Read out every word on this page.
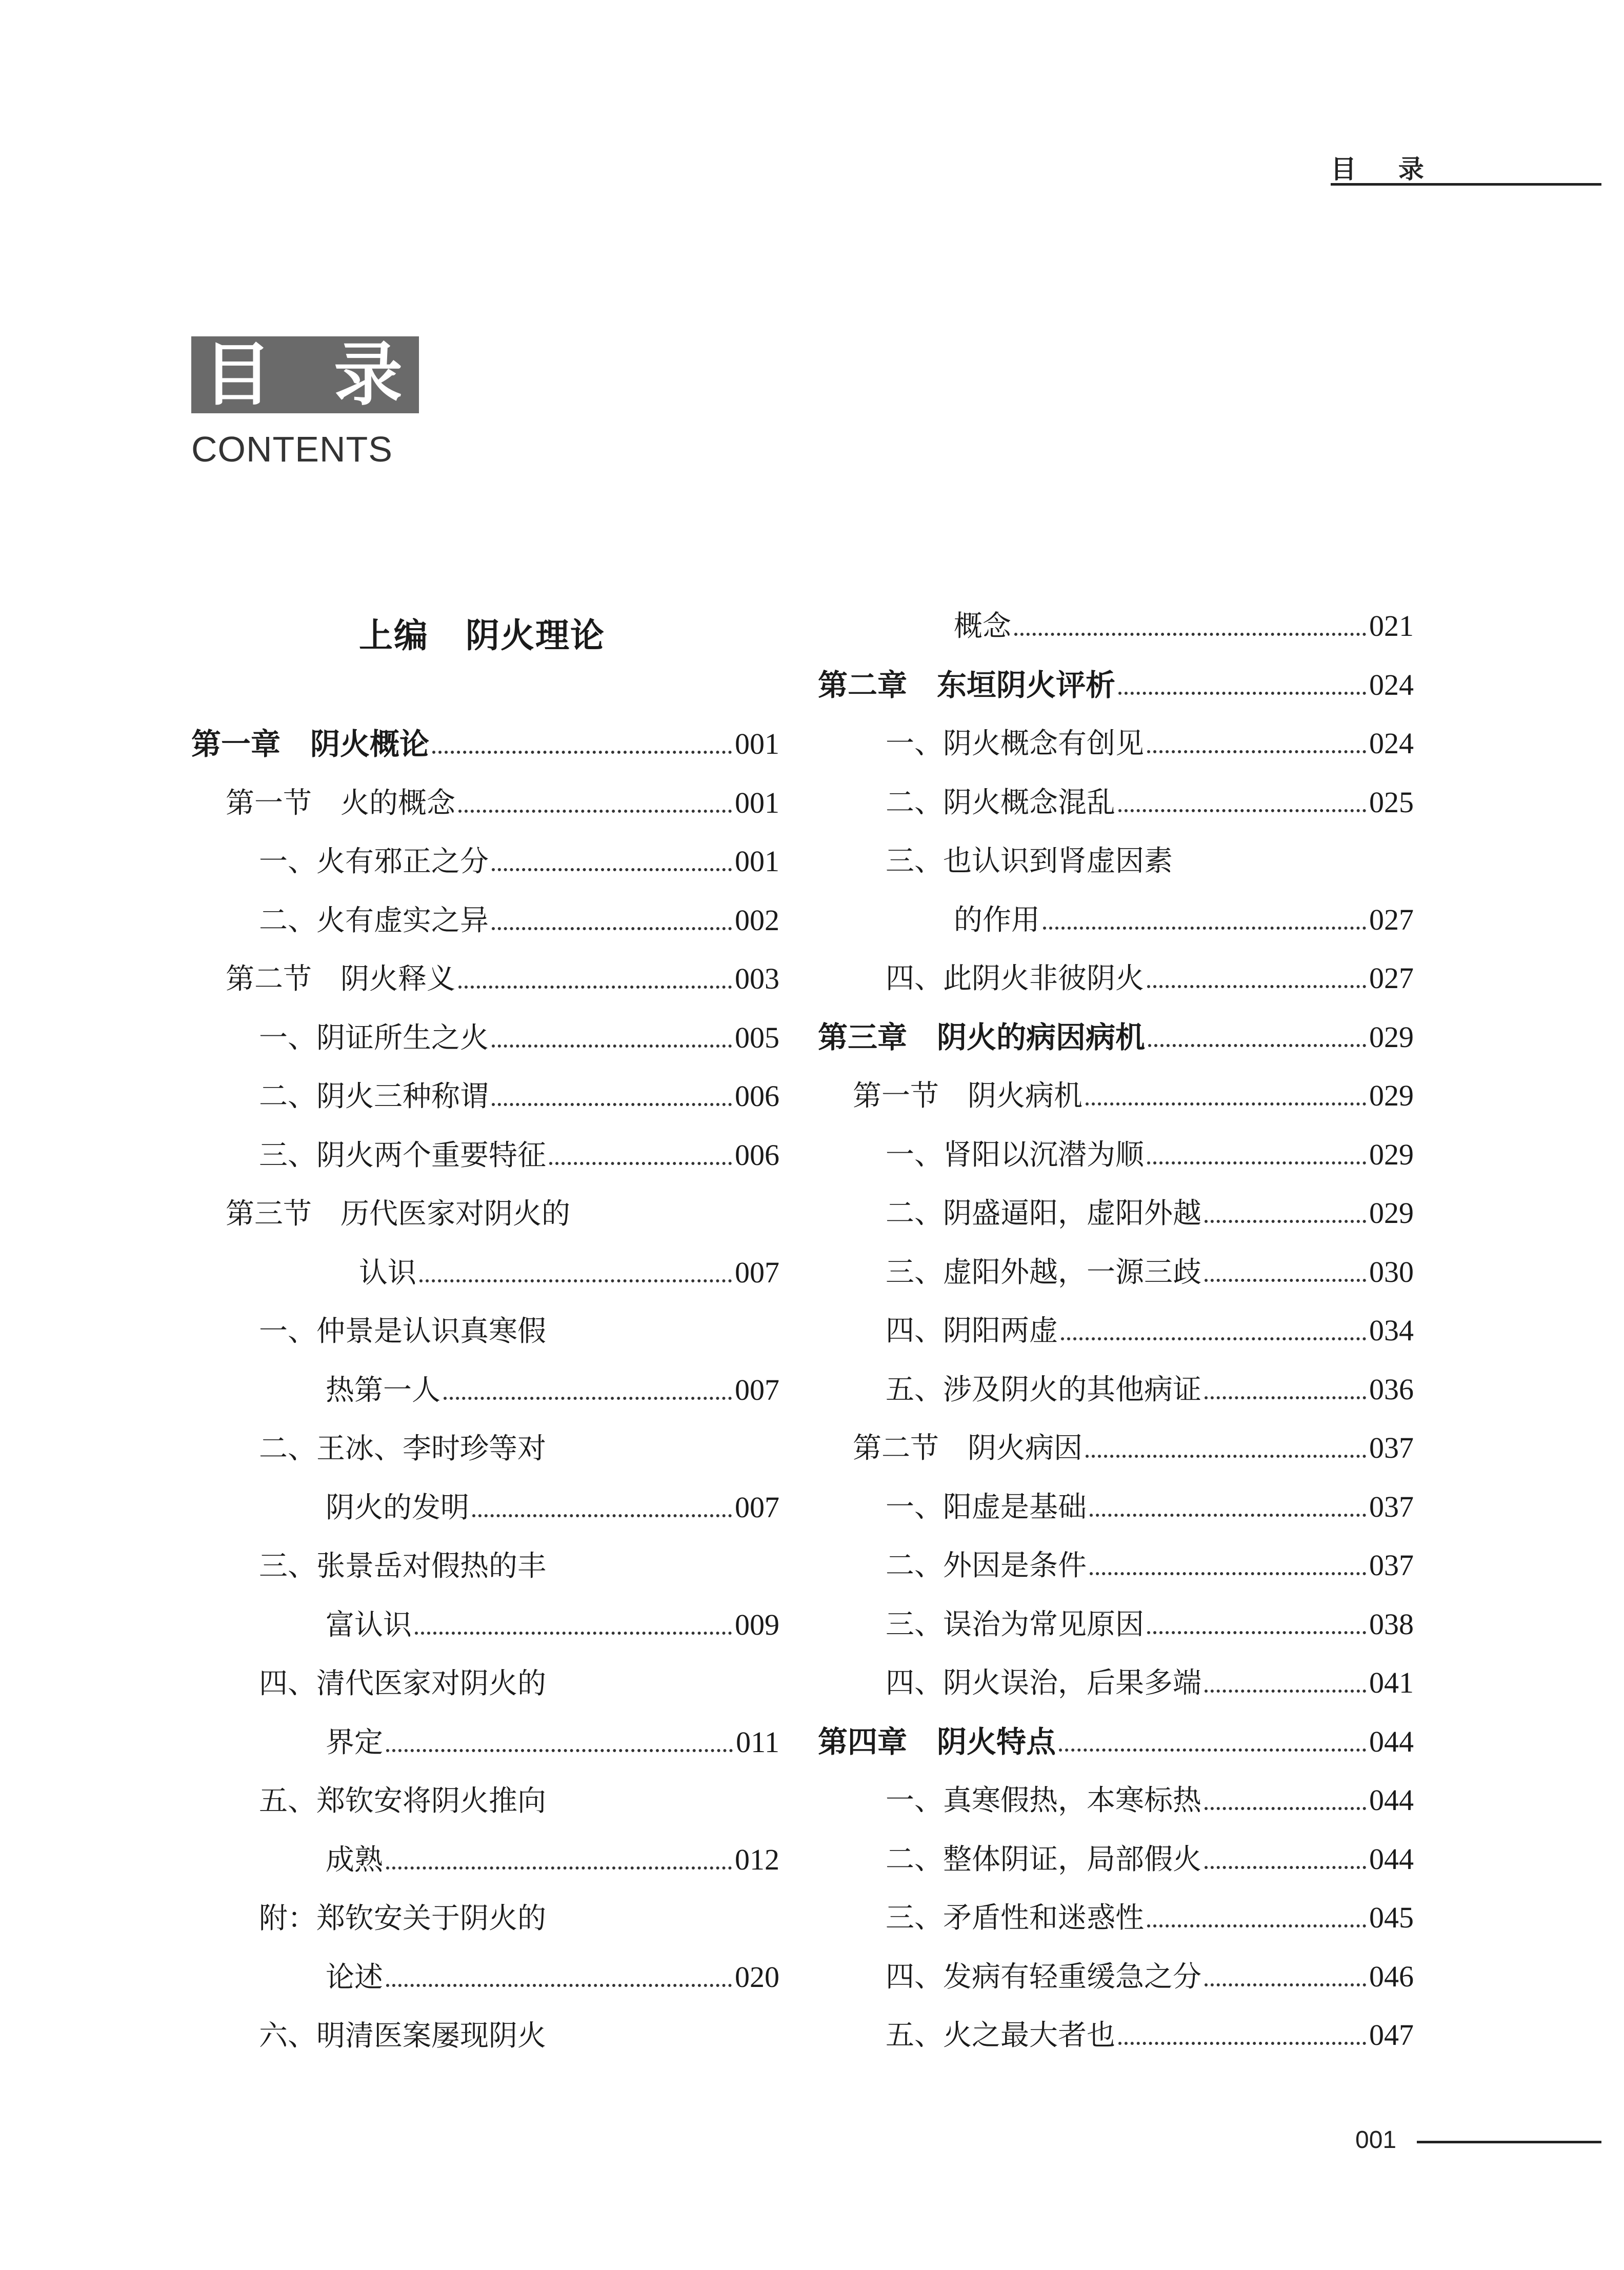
目 录
目 录
CONTENTS
上编 阴火理论
第一章　阴火概论	001
第一节　火的概念	001
一、火有邪正之分	001
二、火有虚实之异	002
第二节　阴火释义	003
一、阴证所生之火	005
二、阴火三种称谓	006
三、阴火两个重要特征	006
第三节　历代医家对阴火的
认识	007
一、仲景是认识真寒假
热第一人	007
二、王冰、李时珍等对
阴火的发明	007
三、张景岳对假热的丰
富认识	009
四、清代医家对阴火的
界定	011
五、郑钦安将阴火推向
成熟	012
附：郑钦安关于阴火的
论述	020
六、明清医案屡现阴火
概念	021
第二章　东垣阴火评析	024
一、阴火概念有创见	024
二、阴火概念混乱	025
三、也认识到肾虚因素
的作用	027
四、此阴火非彼阴火	027
第三章　阴火的病因病机	029
第一节　阴火病机	029
一、肾阳以沉潜为顺	029
二、阴盛逼阳，虚阳外越	029
三、虚阳外越，一源三歧	030
四、阴阳两虚	034
五、涉及阴火的其他病证	036
第二节　阴火病因	037
一、阳虚是基础	037
二、外因是条件	037
三、误治为常见原因	038
四、阴火误治，后果多端	041
第四章　阴火特点	044
一、真寒假热，本寒标热	044
二、整体阴证，局部假火	044
三、矛盾性和迷惑性	045
四、发病有轻重缓急之分	046
五、火之最大者也	047
001
